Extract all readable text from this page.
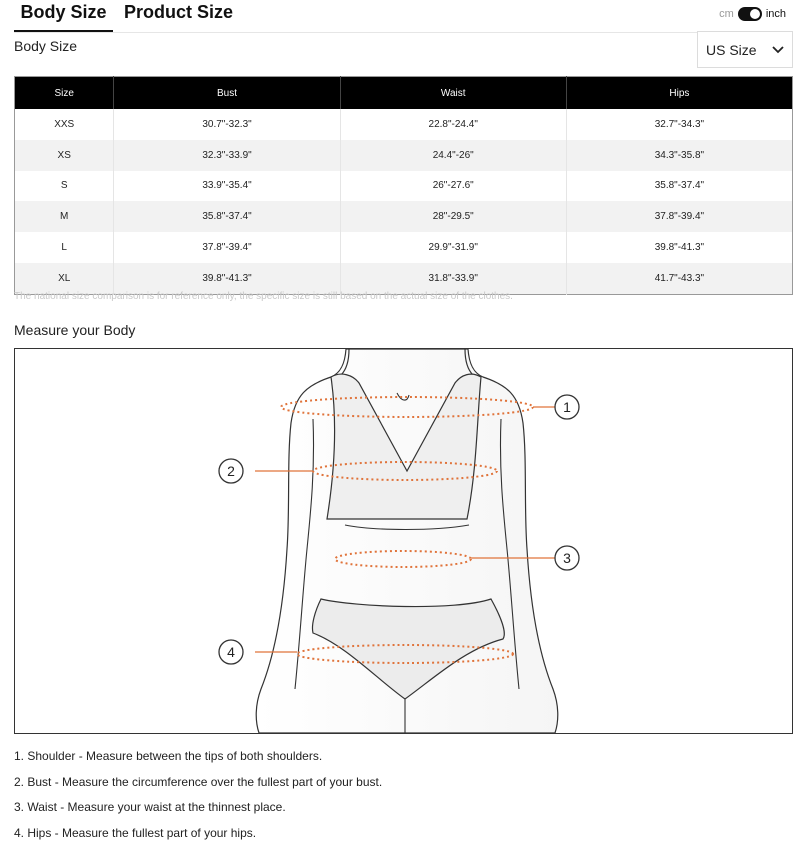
Body Size Product Size	cm	inch
Body Size	US Size
Size	Bust	Waist	Hips
XXS	30.7"-32.3"	22.8"-24.4"	32.7"-34.3"
XS	32.3"-33.9"	24.4"-26"	34.3"-35.8"
S	33.9"-35.4"	26"-27.6"	35.8"-37.4"
M	35.8"-37.4"	28"-29.5"	37.8"-39.4"
L	37.8"-39.4"	29.9"-31.9"	39.8"-41.3"
XL	39.8"-41.3"	31.8"-33.9"	41.7"-43.3"
The national size comparison is for reference only, the specific size is still based on the actual size of the clothes.
Measure your Body
1
2
3
4

1. Shoulder - Measure between the tips of both shoulders.

2. Bust - Measure the circumference over the fullest part of your bust.

3. Waist - Measure your waist at the thinnest place.

4. Hips - Measure the fullest part of your hips.
